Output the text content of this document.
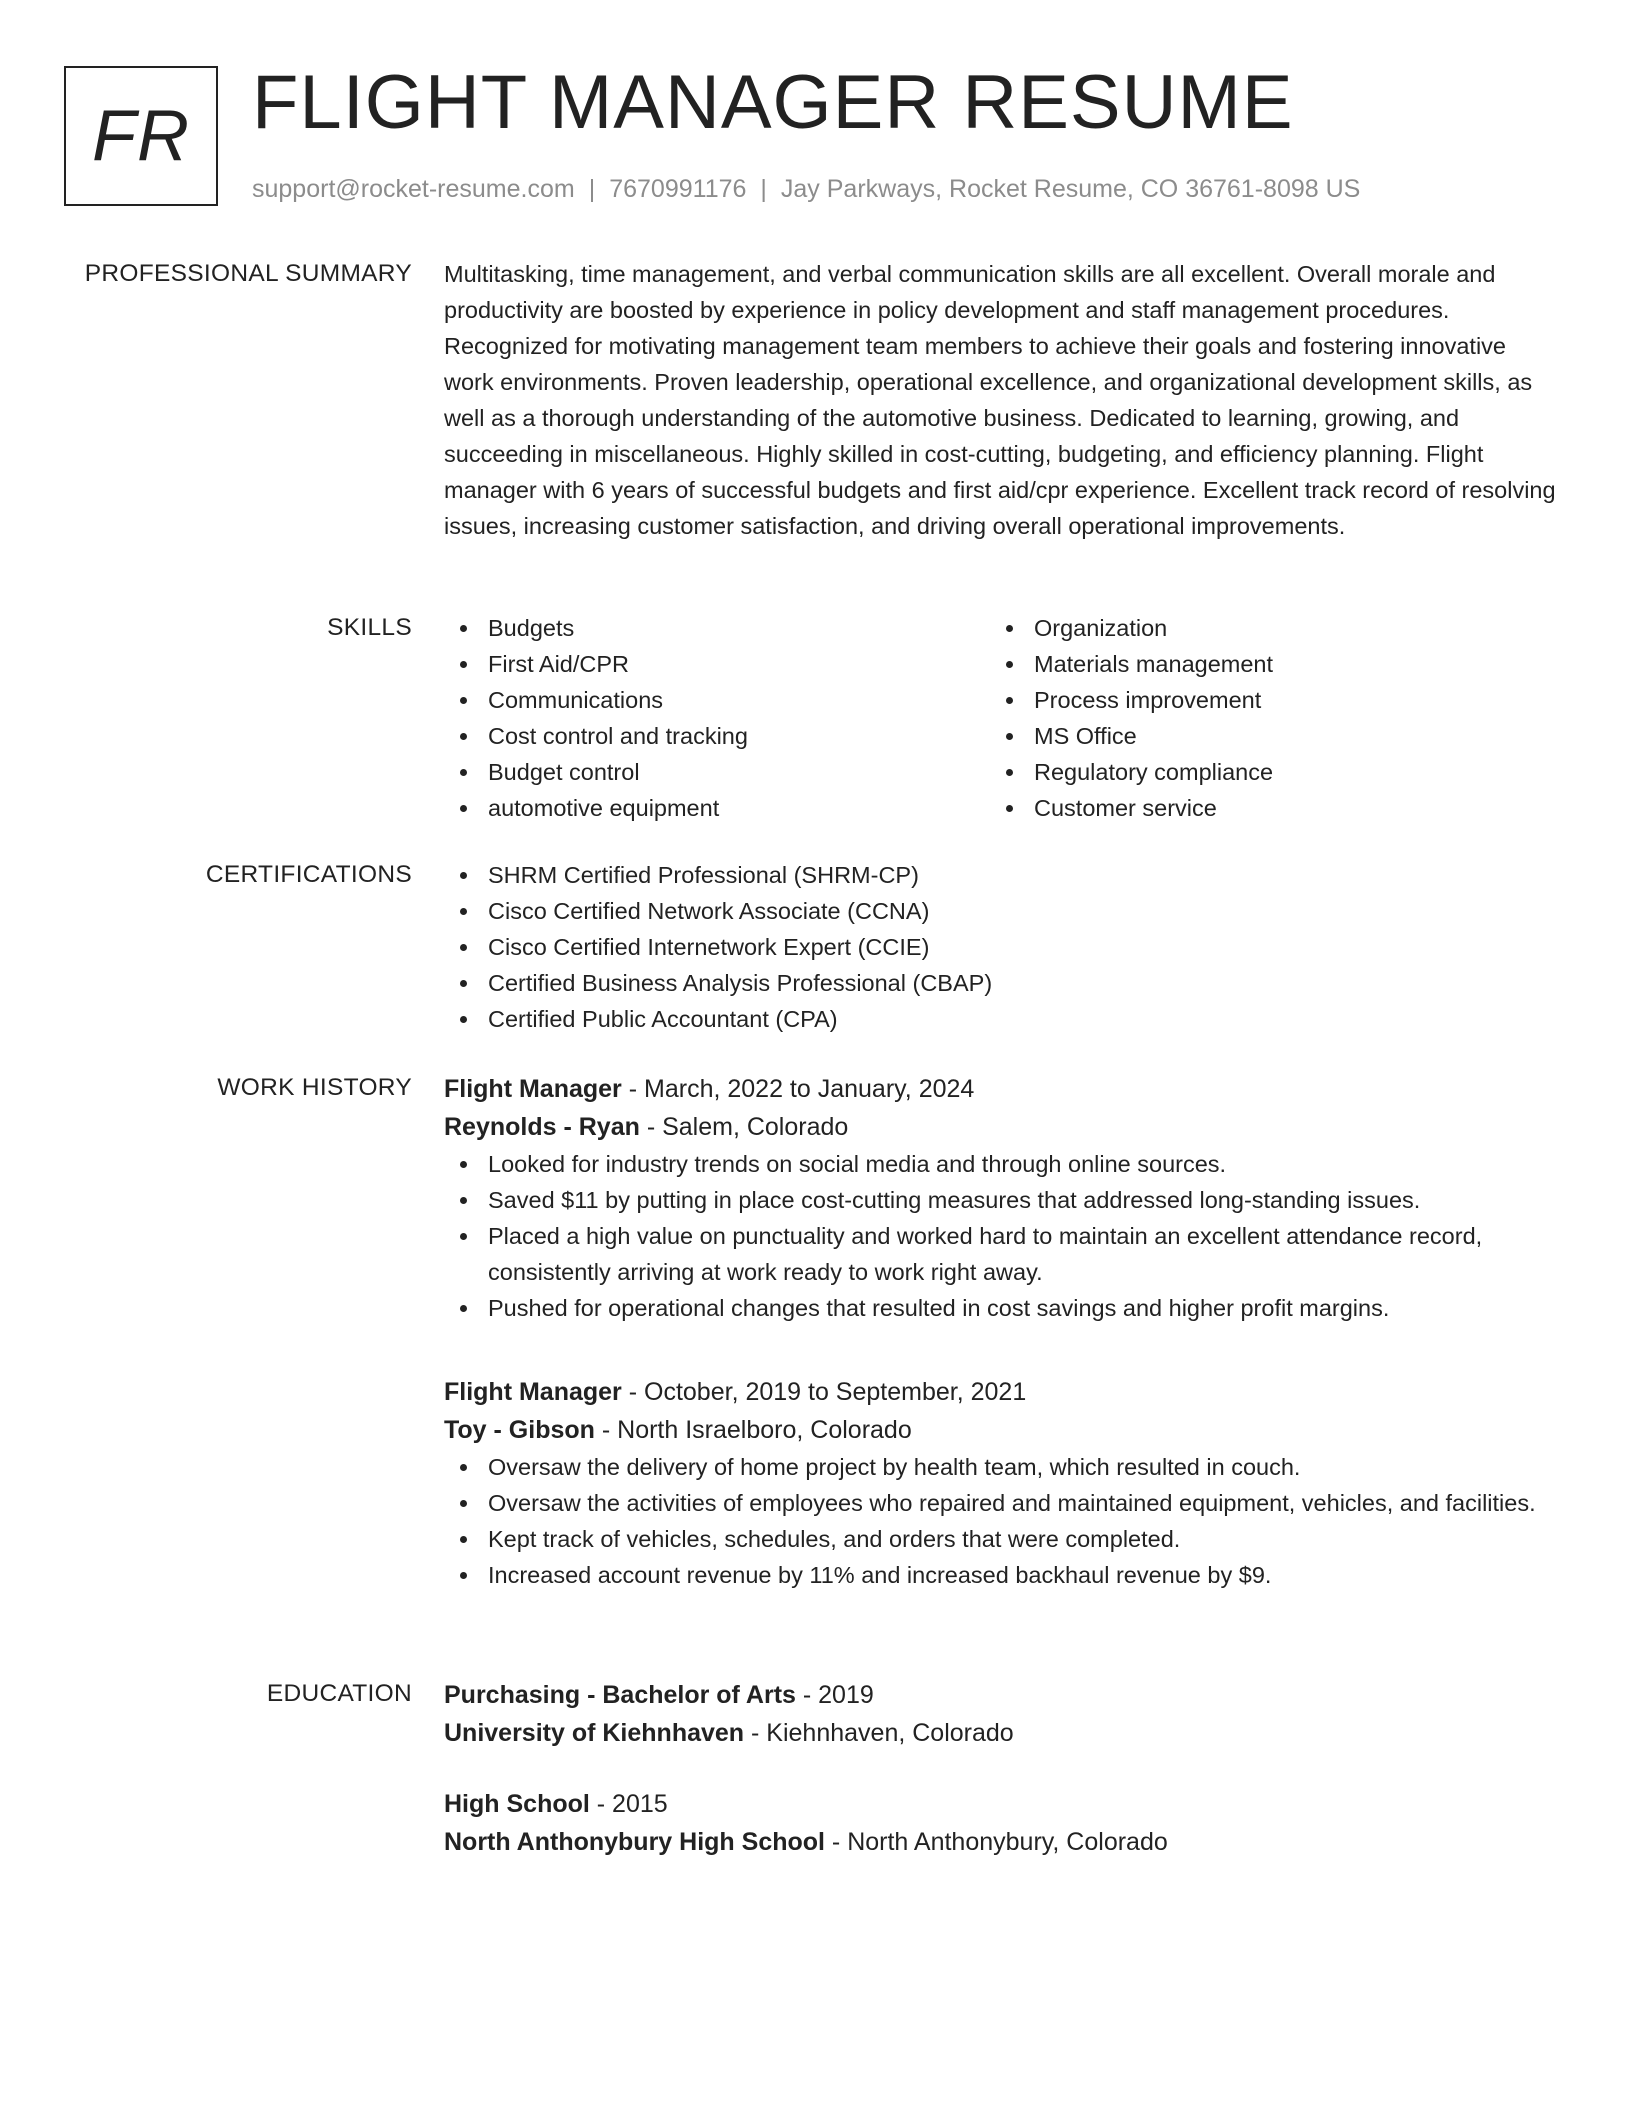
FR FLIGHT MANAGER RESUME
support@rocket-resume.com | 7670991176 | Jay Parkways, Rocket Resume, CO 36761-8098 US
PROFESSIONAL SUMMARY Multitasking, time management, and verbal communication skills are all excellent. Overall morale and productivity are boosted by experience in policy development and staff management procedures. Recognized for motivating management team members to achieve their goals and fostering innovative work environments. Proven leadership, operational excellence, and organizational development skills, as well as a thorough understanding of the automotive business. Dedicated to learning, growing, and succeeding in miscellaneous. Highly skilled in cost-cutting, budgeting, and efficiency planning. Flight manager with 6 years of successful budgets and first aid/cpr experience. Excellent track record of resolving issues, increasing customer satisfaction, and driving overall operational improvements.

SKILLS	Budgets
First Aid/CPR
Communications
Cost control and tracking
Budget control
automotive equipment
Organization
Materials management
Process improvement
MS Office
Regulatory compliance
Customer service
CERTIFICATIONS	SHRM Certified Professional (SHRM-CP)
Cisco Certified Network Associate (CCNA)
Cisco Certified Internetwork Expert (CCIE)
Certified Business Analysis Professional (CBAP)
Certified Public Accountant (CPA)
WORK HISTORY Flight Manager - March, 2022 to January, 2024
Reynolds - Ryan - Salem, Colorado
Looked for industry trends on social media and through online sources.
Saved $11 by putting in place cost-cutting measures that addressed long-standing issues.
Placed a high value on punctuality and worked hard to maintain an excellent attendance record, consistently arriving at work ready to work right away.
Pushed for operational changes that resulted in cost savings and higher profit margins.
Flight Manager - October, 2019 to September, 2021
Toy - Gibson - North Israelboro, Colorado
Oversaw the delivery of home project by health team, which resulted in couch.
Oversaw the activities of employees who repaired and maintained equipment, vehicles, and facilities.
Kept track of vehicles, schedules, and orders that were completed.
Increased account revenue by 11% and increased backhaul revenue by $9.
EDUCATION Purchasing - Bachelor of Arts - 2019
University of Kiehnhaven - Kiehnhaven, Colorado
High School - 2015
North Anthonybury High School - North Anthonybury, Colorado
